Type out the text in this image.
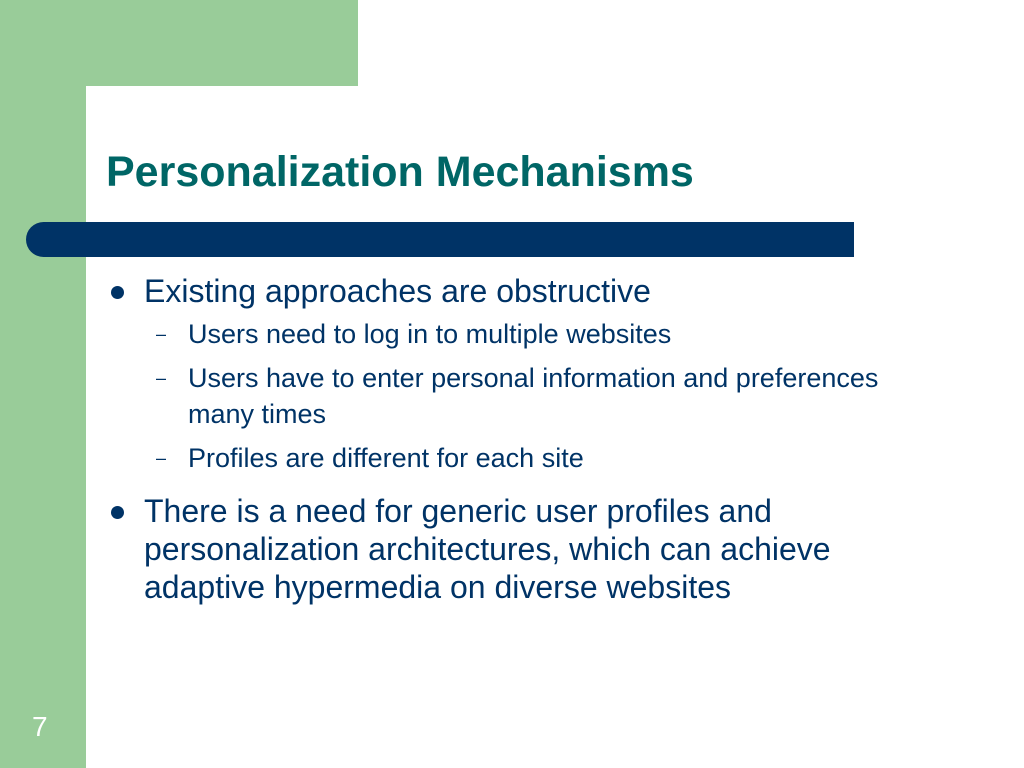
Personalization Mechanisms
Existing approaches are obstructive
– Users need to log in to multiple websites
– Users have to enter personal information and preferences many times
– Profiles are different for each site
There is a need for generic user profiles and personalization architectures, which can achieve adaptive hypermedia on diverse websites
7
